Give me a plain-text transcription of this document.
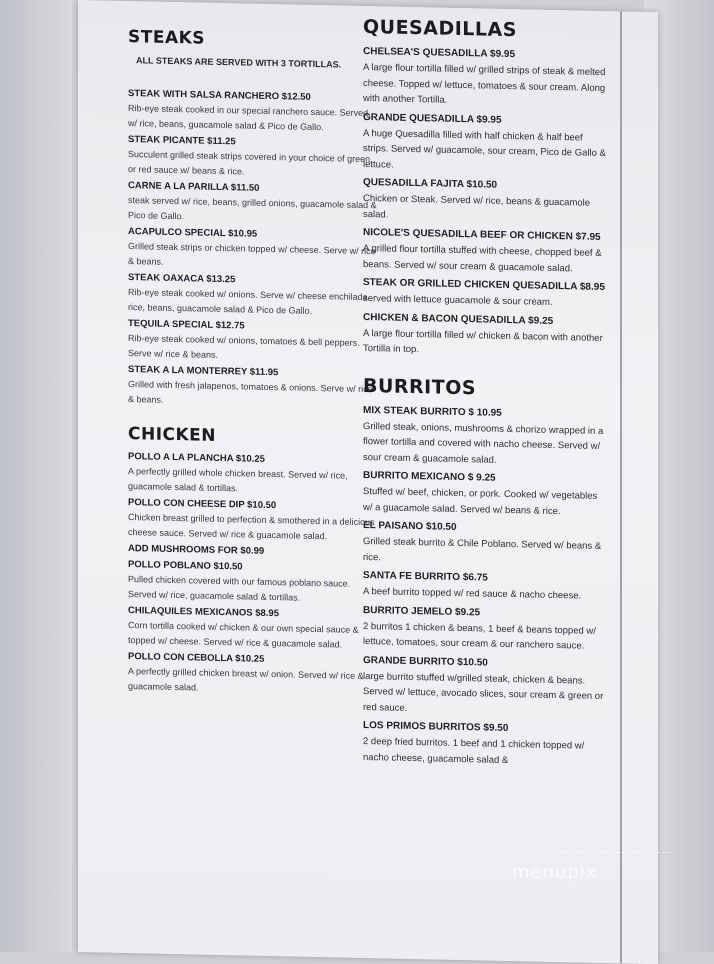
STEAKS
ALL STEAKS ARE SERVED WITH 3 TORTILLAS.
STEAK WITH SALSA RANCHERO $12.50
Rib-eye steak cooked in our special ranchero sauce. Served w/ rice, beans, guacamole salad & Pico de Gallo.
STEAK PICANTE $11.25
Succulent grilled steak strips covered in your choice of green or red sauce w/ beans & rice.
CARNE A LA PARILLA $11.50
steak served w/ rice, beans, grilled onions, guacamole salad & Pico de Gallo.
ACAPULCO SPECIAL $10.95
Grilled steak strips or chicken topped w/ cheese. Serve w/ rice & beans.
STEAK OAXACA $13.25
Rib-eye steak cooked w/ onions. Serve w/ cheese enchilada rice, beans, guacamole salad & Pico de Gallo.
TEQUILA SPECIAL $12.75
Rib-eye steak cooked w/ onions, tomatoes & bell peppers. Serve w/ rice & beans.
STEAK A LA MONTERREY $11.95
Grilled with fresh jalapenos, tomatoes & onions. Serve w/ rice & beans.
CHICKEN
POLLO A LA PLANCHA $10.25
A perfectly grilled whole chicken breast. Served w/ rice, guacamole salad & tortillas.
POLLO CON CHEESE DIP $10.50
Chicken breast grilled to perfection & smothered in a delicious cheese sauce. Served w/ rice & guacamole salad.
ADD MUSHROOMS FOR $0.99
POLLO POBLANO $10.50
Pulled chicken covered with our famous poblano sauce. Served w/ rice, guacamole salad & tortillas.
CHILAQUILES MEXICANOS $8.95
Corn tortilla cooked w/ chicken & our own special sauce & topped w/ cheese. Served w/ rice & guacamole salad.
POLLO CON CEBOLLA $10.25
A perfectly grilled chicken breast w/ onion. Served w/ rice & guacamole salad.
QUESADILLAS
CHELSEA'S QUESADILLA $9.95
A large flour tortilla filled w/ grilled strips of steak & melted cheese. Topped w/ lettuce, tomatoes & sour cream. Along with another Tortilla.
GRANDE QUESADILLA $9.95
A huge Quesadilla filled with half chicken & half beef strips. Served w/ guacamole, sour cream, Pico de Gallo & lettuce.
QUESADILLA FAJITA $10.50
Chicken or Steak. Served w/ rice, beans & guacamole salad.
NICOLE'S QUESADILLA BEEF OR CHICKEN $7.95
A grilled flour tortilla stuffed with cheese, chopped beef & beans. Served w/ sour cream & guacamole salad.
STEAK OR GRILLED CHICKEN QUESADILLA $8.95
served with lettuce guacamole & sour cream.
CHICKEN & BACON QUESADILLA $9.25
A large flour tortilla filled w/ chicken & bacon with another Tortilla in top.
BURRITOS
MIX STEAK BURRITO $ 10.95
Grilled steak, onions, mushrooms & chorizo wrapped in a flower tortilla and covered with nacho cheese. Served w/ sour cream & guacamole salad.
BURRITO MEXICANO $ 9.25
Stuffed w/ beef, chicken, or pork. Cooked w/ vegetables w/ a guacamole salad. Served w/ beans & rice.
EL PAISANO $10.50
Grilled steak burrito & Chile Poblano. Served w/ beans & rice.
SANTA FE BURRITO $6.75
A beef burrito topped w/ red sauce & nacho cheese.
BURRITO JEMELO $9.25
2 burritos 1 chicken & beans, 1 beef & beans topped w/ lettuce, tomatoes, sour cream & our ranchero sauce.
GRANDE BURRITO $10.50
large burrito stuffed w/grilled steak, chicken & beans. Served w/ lettuce, avocado slices, sour cream & green or red sauce.
LOS PRIMOS BURRITOS $9.50
2 deep fried burritos. 1 beef and 1 chicken topped w/ nacho cheese, guacamole salad &
menupix
